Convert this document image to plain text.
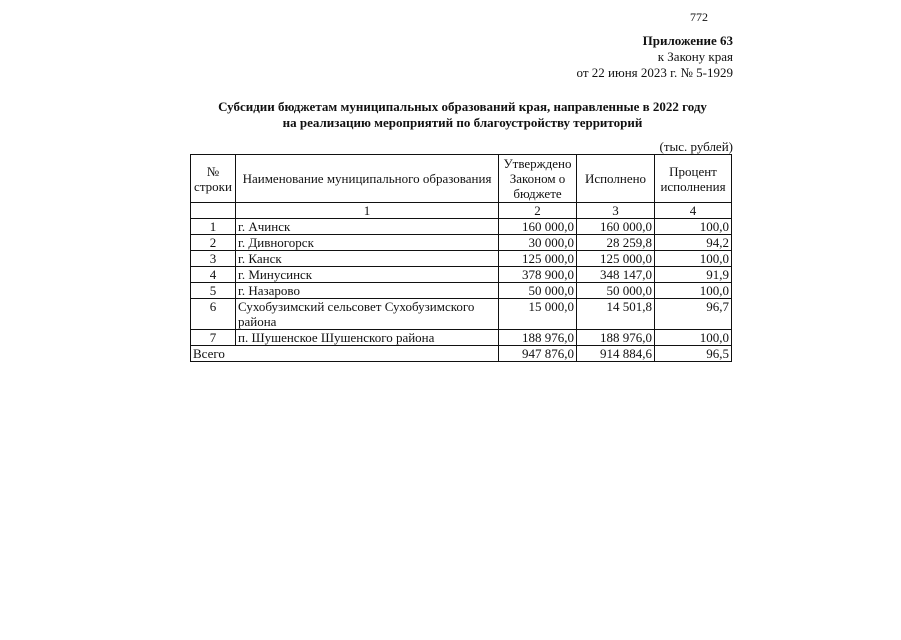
772
Приложение 63
к Закону края
от 22 июня 2023 г. № 5-1929
Субсидии бюджетам муниципальных образований края, направленные в 2022 году
на реализацию мероприятий по благоустройству территорий
(тыс. рублей)
№ строки	Наименование муниципального образования	Утверждено Законом о бюджете	Исполнено	Процент исполнения
	1	2	3	4
1	г. Ачинск	160 000,0	160 000,0	100,0
2	г. Дивногорск	30 000,0	28 259,8	94,2
3	г. Канск	125 000,0	125 000,0	100,0
4	г. Минусинск	378 900,0	348 147,0	91,9
5	г. Назарово	50 000,0	50 000,0	100,0
6	Сухобузимский сельсовет Сухобузимского района	15 000,0	14 501,8	96,7
7	п. Шушенское Шушенского района	188 976,0	188 976,0	100,0
Всего		947 876,0	914 884,6	96,5
